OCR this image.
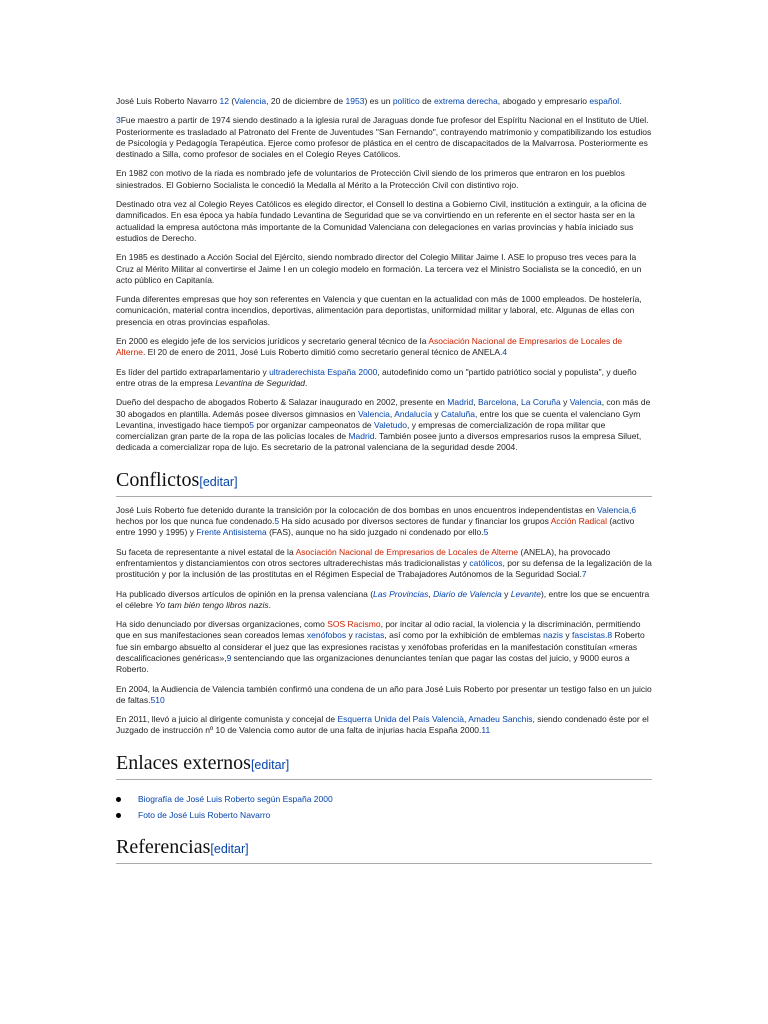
José Luis Roberto Navarro 12 (Valencia, 20 de diciembre de 1953) es un político de extrema derecha, abogado y empresario español.

3Fue maestro a partir de 1974 siendo destinado a la iglesia rural de Jaraguas donde fue profesor del Espíritu Nacional en el Instituto de Utiel. Posteriormente es trasladado al Patronato del Frente de Juventudes "San Fernando", contrayendo matrimonio y compatibilizando los estudios de Psicología y Pedagogía Terapéutica. Ejerce como profesor de plástica en el centro de discapacitados de la Malvarrosa. Posteriormente es destinado a Silla, como profesor de sociales en el Colegio Reyes Católicos.

En 1982 con motivo de la riada es nombrado jefe de voluntarios de Protección Civil siendo de los primeros que entraron en los pueblos siniestrados. El Gobierno Socialista le concedió la Medalla al Mérito a la Protección Civil con distintivo rojo.

Destinado otra vez al Colegio Reyes Católicos es elegido director, el Consell lo destina a Gobierno Civil, institución a extinguir, a la oficina de damnificados. En esa época ya había fundado Levantina de Seguridad que se va convirtiendo en un referente en el sector hasta ser en la actualidad la empresa autóctona más importante de la Comunidad Valenciana con delegaciones en varias provincias y había iniciado sus estudios de Derecho.

En 1985 es destinado a Acción Social del Ejército, siendo nombrado director del Colegio Militar Jaime I. ASE lo propuso tres veces para la Cruz al Mérito Militar al convertirse el Jaime I en un colegio modelo en formación. La tercera vez el Ministro Socialista se la concedió, en un acto público en Capitanía.

Funda diferentes empresas que hoy son referentes en Valencia y que cuentan en la actualidad con más de 1000 empleados. De hostelería, comunicación, material contra incendios, deportivas, alimentación para deportistas, uniformidad militar y laboral, etc. Algunas de ellas con presencia en otras provincias españolas.

En 2000 es elegido jefe de los servicios jurídicos y secretario general técnico de la Asociación Nacional de Empresarios de Locales de Alterne. El 20 de enero de 2011, José Luis Roberto dimitió como secretario general técnico de ANELA.4

Es líder del partido extraparlamentario y ultraderechista España 2000, autodefinido como un "partido patriótico social y populista", y dueño entre otras de la empresa Levantina de Seguridad.

Dueño del despacho de abogados Roberto & Salazar inaugurado en 2002, presente en Madrid, Barcelona, La Coruña y Valencia, con más de 30 abogados en plantilla. Además posee diversos gimnasios en Valencia, Andalucía y Cataluña, entre los que se cuenta el valenciano Gym Levantina, investigado hace tiempo5 por organizar campeonatos de Valetudo, y empresas de comercialización de ropa militar que comercializan gran parte de la ropa de las policías locales de Madrid. También posee junto a diversos empresarios rusos la empresa Siluet, dedicada a comercializar ropa de lujo. Es secretario de la patronal valenciana de la seguridad desde 2004.

Conflictos[editar]

José Luis Roberto fue detenido durante la transición por la colocación de dos bombas en unos encuentros independentistas en Valencia,6 hechos por los que nunca fue condenado.5 Ha sido acusado por diversos sectores de fundar y financiar los grupos Acción Radical (activo entre 1990 y 1995) y Frente Antisistema (FAS), aunque no ha sido juzgado ni condenado por ello.5

Su faceta de representante a nivel estatal de la Asociación Nacional de Empresarios de Locales de Alterne (ANELA), ha provocado enfrentamientos y distanciamientos con otros sectores ultraderechistas más tradicionalistas y católicos, por su defensa de la legalización de la prostitución y por la inclusión de las prostitutas en el Régimen Especial de Trabajadores Autónomos de la Seguridad Social.7

Ha publicado diversos artículos de opinión en la prensa valenciana (Las Provincias, Diario de Valencia y Levante), entre los que se encuentra el célebre Yo tam bién tengo libros nazis.

Ha sido denunciado por diversas organizaciones, como SOS Racismo, por incitar al odio racial, la violencia y la discriminación, permitiendo que en sus manifestaciones sean coreados lemas xenófobos y racistas, así como por la exhibición de emblemas nazis y fascistas.8 Roberto fue sin embargo absuelto al considerar el juez que las expresiones racistas y xenófobas proferidas en la manifestación constituían «meras descalificaciones genéricas»,9 sentenciando que las organizaciones denunciantes tenían que pagar las costas del juicio, y 9000 euros a Roberto.

En 2004, la Audiencia de Valencia también confirmó una condena de un año para José Luis Roberto por presentar un testigo falso en un juicio de faltas.510

En 2011, llevó a juicio al dirigente comunista y concejal de Esquerra Unida del País Valencià, Amadeu Sanchis, siendo condenado éste por el Juzgado de instrucción nº 10 de Valencia como autor de una falta de injurias hacia España 2000.11

Enlaces externos[editar]
Biografía de José Luis Roberto según España 2000
Foto de José Luis Roberto Navarro
Referencias[editar]
